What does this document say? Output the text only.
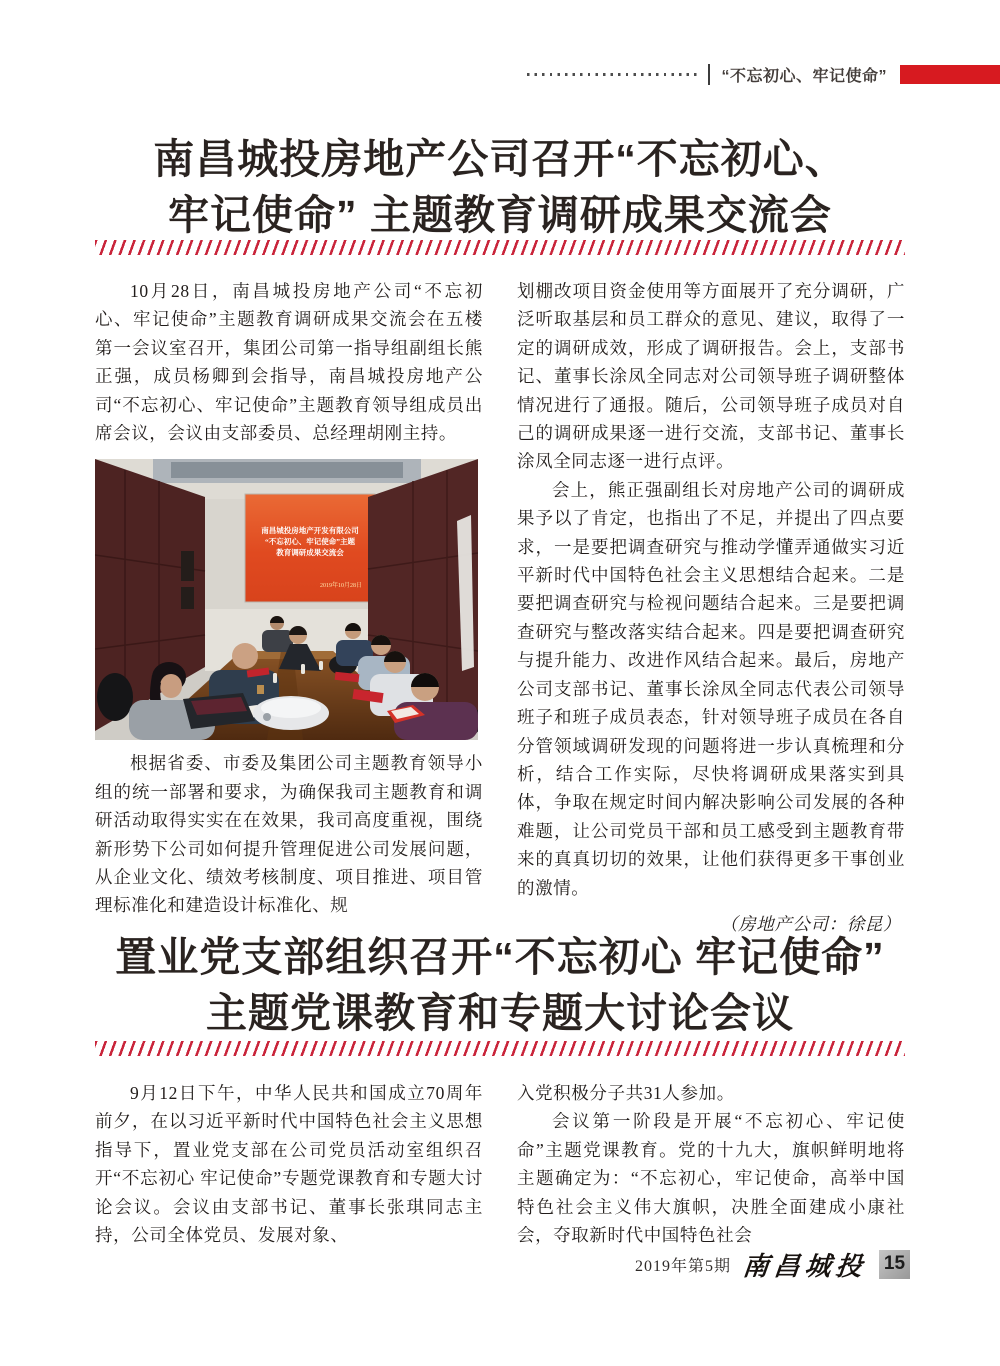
“不忘初心、牢记使命”
南昌城投房地产公司召开“不忘初心、
牢记使命” 主题教育调研成果交流会

10月28日，南昌城投房地产公司“不忘初心、牢记使命”主题教育调研成果交流会在五楼第一会议室召开，集团公司第一指导组副组长熊正强，成员杨卿到会指导，南昌城投房地产公司“不忘初心、牢记使命”主题教育领导组成员出席会议，会议由支部委员、总经理胡刚主持。

南昌城投房地产开发有限公司
“不忘初心、牢记使命”主题
教育调研成果交流会
2019年10月28日

根据省委、市委及集团公司主题教育领导小组的统一部署和要求，为确保我司主题教育和调研活动取得实实在在效果，我司高度重视，围绕新形势下公司如何提升管理促进公司发展问题，从企业文化、绩效考核制度、项目推进、项目管理标准化和建造设计标准化、规

划棚改项目资金使用等方面展开了充分调研，广泛听取基层和员工群众的意见、建议，取得了一定的调研成效，形成了调研报告。会上，支部书记、董事长涂凤全同志对公司领导班子调研整体情况进行了通报。随后，公司领导班子成员对自己的调研成果逐一进行交流，支部书记、董事长涂凤全同志逐一进行点评。

会上，熊正强副组长对房地产公司的调研成果予以了肯定，也指出了不足，并提出了四点要求，一是要把调查研究与推动学懂弄通做实习近平新时代中国特色社会主义思想结合起来。二是要把调查研究与检视问题结合起来。三是要把调查研究与整改落实结合起来。四是要把调查研究与提升能力、改进作风结合起来。最后，房地产公司支部书记、董事长涂凤全同志代表公司领导班子和班子成员表态，针对领导班子成员在各自分管领域调研发现的问题将进一步认真梳理和分析，结合工作实际，尽快将调研成果落实到具体，争取在规定时间内解决影响公司发展的各种难题，让公司党员干部和员工感受到主题教育带来的真真切切的效果，让他们获得更多干事创业的激情。

（房地产公司：徐昆）

置业党支部组织召开“不忘初心 牢记使命”
主题党课教育和专题大讨论会议

9月12日下午，中华人民共和国成立70周年前夕，在以习近平新时代中国特色社会主义思想指导下，置业党支部在公司党员活动室组织召开“不忘初心 牢记使命”专题党课教育和专题大讨论会议。会议由支部书记、董事长张琪同志主持，公司全体党员、发展对象、

入党积极分子共31人参加。

会议第一阶段是开展“不忘初心、牢记使命”主题党课教育。党的十九大，旗帜鲜明地将主题确定为：“不忘初心，牢记使命，高举中国特色社会主义伟大旗帜，决胜全面建成小康社会，夺取新时代中国特色社会

2019年第5期 南昌城投 15
